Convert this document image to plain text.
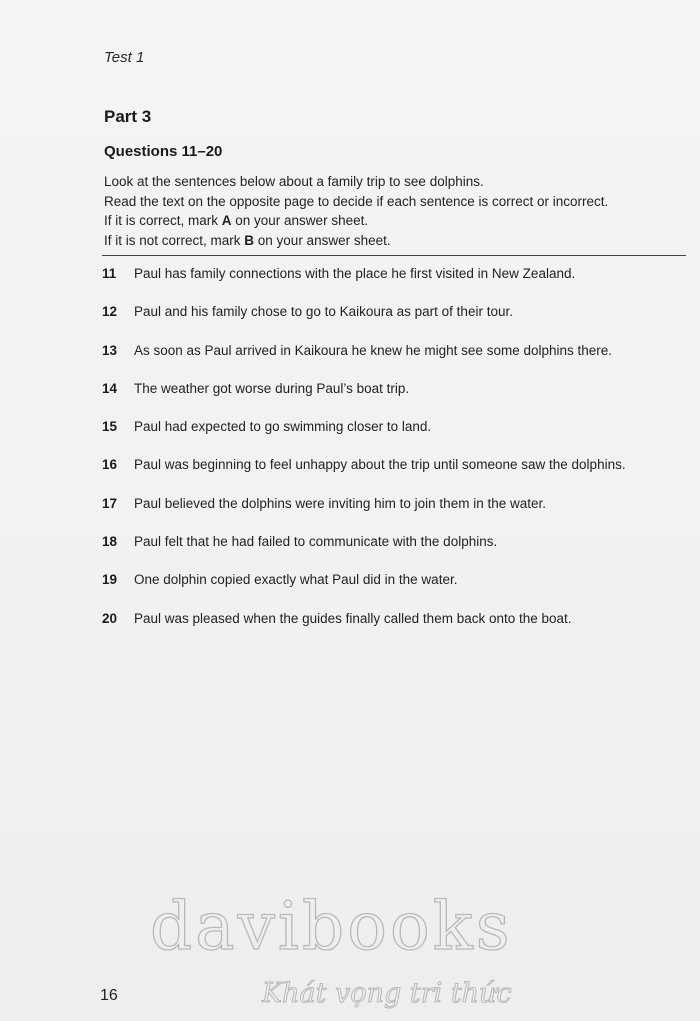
Test 1
Part 3
Questions 11–20
Look at the sentences below about a family trip to see dolphins.
Read the text on the opposite page to decide if each sentence is correct or incorrect.
If it is correct, mark A on your answer sheet.
If it is not correct, mark B on your answer sheet.
11	Paul has family connections with the place he first visited in New Zealand.
12	Paul and his family chose to go to Kaikoura as part of their tour.
13	As soon as Paul arrived in Kaikoura he knew he might see some dolphins there.
14	The weather got worse during Paul’s boat trip.
15	Paul had expected to go swimming closer to land.
16	Paul was beginning to feel unhappy about the trip until someone saw the dolphins.
17	Paul believed the dolphins were inviting him to join them in the water.
18	Paul felt that he had failed to communicate with the dolphins.
19	One dolphin copied exactly what Paul did in the water.
20	Paul was pleased when the guides finally called them back onto the boat.
davibooks
Khát vọng tri thức
16
